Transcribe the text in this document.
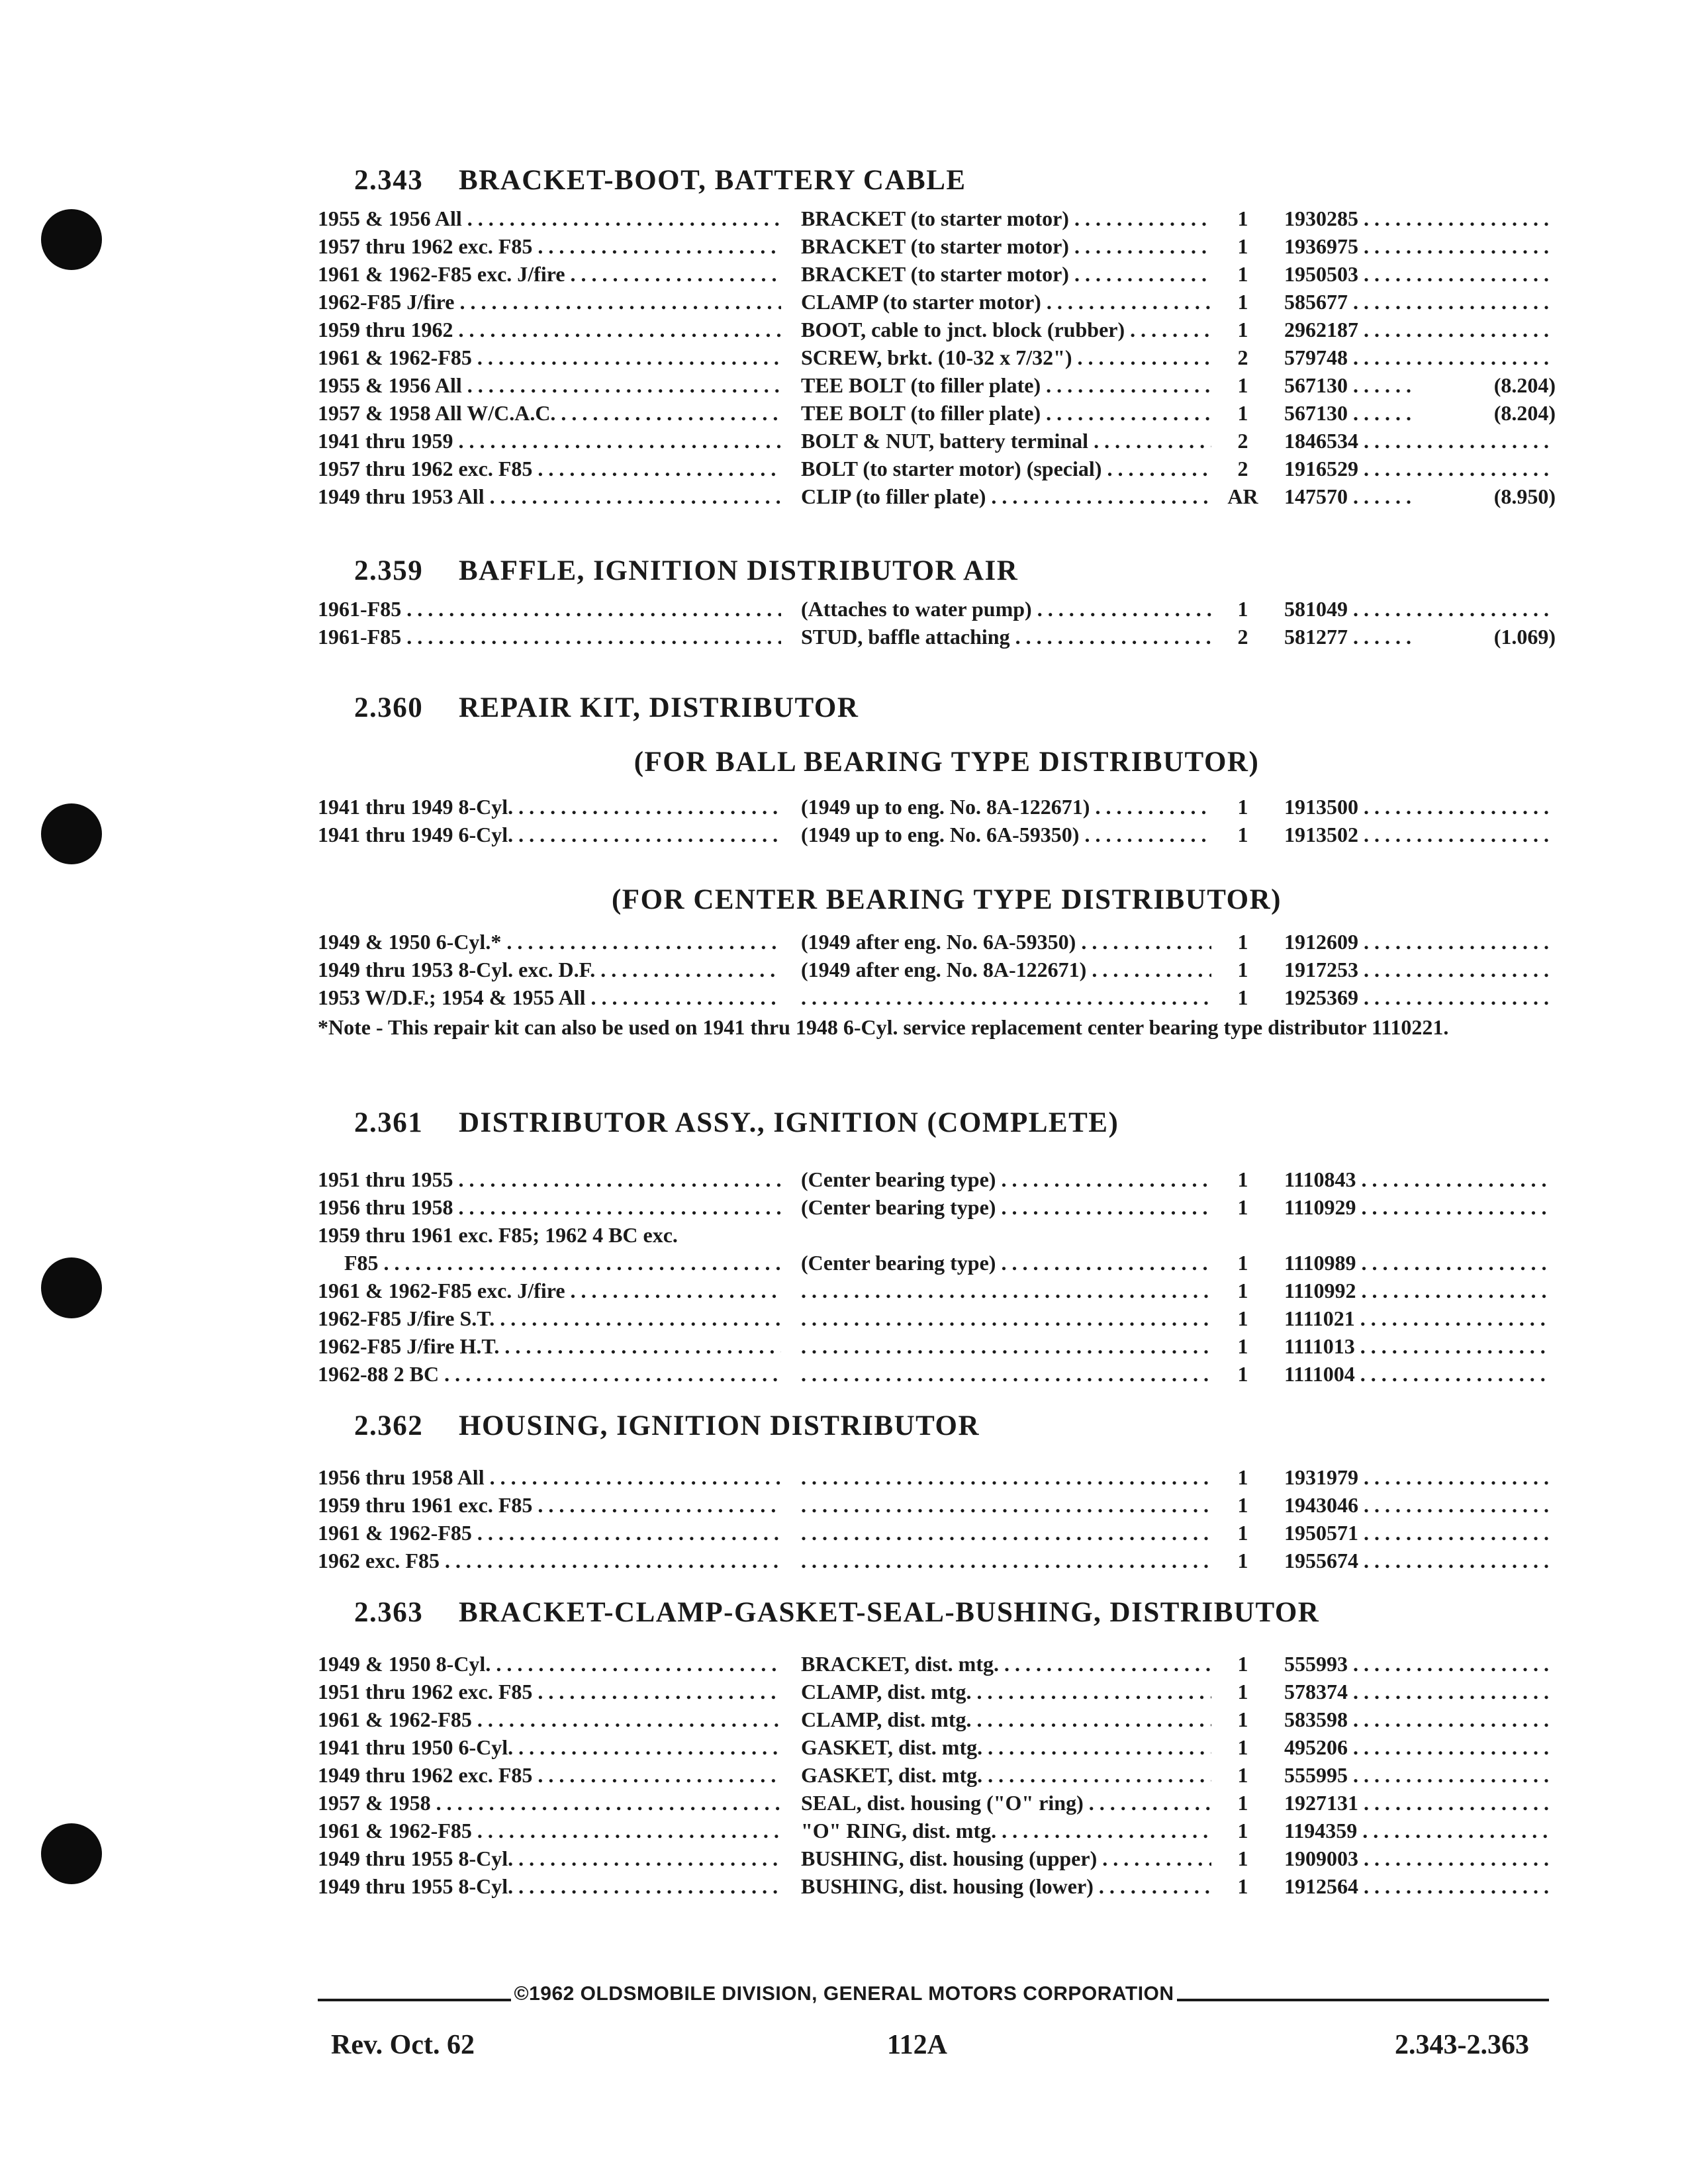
2.343 BRACKET-BOOT, BATTERY CABLE
1955 & 1956 All . . .	BRACKET (to starter motor) . . .	1	1930285 . . .
1957 thru 1962 exc. F85 . . .	BRACKET (to starter motor) . . .	1	1936975 . . .
1961 & 1962-F85 exc. J/fire . . .	BRACKET (to starter motor) . . .	1	1950503 . . .
1962-F85 J/fire . . .	CLAMP (to starter motor) . . .	1	585677 . . .
1959 thru 1962 . . .	BOOT, cable to jnct. block (rubber) . . .	1	2962187 . . .
1961 & 1962-F85 . . .	SCREW, brkt. (10-32 x 7/32") . . .	2	579748 . . .
1955 & 1956 All . . .	TEE BOLT (to filler plate) . . .	1	567130 . . .	(8.204)
1957 & 1958 All W/C.A.C. . . .	TEE BOLT (to filler plate) . . .	1	567130 . . .	(8.204)
1941 thru 1959 . . .	BOLT & NUT, battery terminal . . .	2	1846534 . . .
1957 thru 1962 exc. F85 . . .	BOLT (to starter motor) (special) . . .	2	1916529 . . .
1949 thru 1953 All . . .	CLIP (to filler plate) . . .	AR	147570 . . .	(8.950)
2.359 BAFFLE, IGNITION DISTRIBUTOR AIR
1961-F85 . . .	(Attaches to water pump) . . .	1	581049 . . .
1961-F85 . . .	STUD, baffle attaching . . .	2	581277 . . .	(1.069)
2.360 REPAIR KIT, DISTRIBUTOR
(FOR BALL BEARING TYPE DISTRIBUTOR)
1941 thru 1949 8-Cyl. . . .	(1949 up to eng. No. 8A-122671) . . .	1	1913500 . . .
1941 thru 1949 6-Cyl. . . .	(1949 up to eng. No. 6A-59350) . . .	1	1913502 . . .
(FOR CENTER BEARING TYPE DISTRIBUTOR)
1949 & 1950 6-Cyl.* . . .	(1949 after eng. No. 6A-59350) . . .	1	1912609 . . .
1949 thru 1953 8-Cyl. exc. D.F. . . .	(1949 after eng. No. 8A-122671) . . .	1	1917253 . . .
1953 W/D.F.; 1954 & 1955 All . . . . . .	1	1925369 . . .
*Note - This repair kit can also be used on 1941 thru 1948 6-Cyl. service replacement center bearing type distributor 1110221.
2.361 DISTRIBUTOR ASSY., IGNITION (COMPLETE)
1951 thru 1955 . . .	(Center bearing type) . . .	1	1110843 . . .
1956 thru 1958 . . .	(Center bearing type) . . .	1	1110929 . . .
1959 thru 1961 exc. F85; 1962 4 BC exc.
F85 . . .	(Center bearing type) . . .	1	1110989 . . .
1961 & 1962-F85 exc. J/fire . . . . . .	1	1110992 . . .
1962-F85 J/fire S.T. . . . . . .	1	1111021 . . .
1962-F85 J/fire H.T. . . . . . .	1	1111013 . . .
1962-88 2 BC . . . . . .	1	1111004 . . .
2.362 HOUSING, IGNITION DISTRIBUTOR
1956 thru 1958 All . . . . . .	1	1931979 . . .
1959 thru 1961 exc. F85 . . . . . .	1	1943046 . . .
1961 & 1962-F85 . . . . . .	1	1950571 . . .
1962 exc. F85 . . . . . .	1	1955674 . . .
2.363 BRACKET-CLAMP-GASKET-SEAL-BUSHING, DISTRIBUTOR
1949 & 1950 8-Cyl. . . .	BRACKET, dist. mtg. . . .	1	555993 . . .
1951 thru 1962 exc. F85 . . .	CLAMP, dist. mtg. . . .	1	578374 . . .
1961 & 1962-F85 . . .	CLAMP, dist. mtg. . . .	1	583598 . . .
1941 thru 1950 6-Cyl. . . .	GASKET, dist. mtg. . . .	1	495206 . . .
1949 thru 1962 exc. F85 . . .	GASKET, dist. mtg. . . .	1	555995 . . .
1957 & 1958 . . .	SEAL, dist. housing ("O" ring) . . .	1	1927131 . . .
1961 & 1962-F85 . . .	"O" RING, dist. mtg. . . .	1	1194359 . . .
1949 thru 1955 8-Cyl. . . .	BUSHING, dist. housing (upper) . . .	1	1909003 . . .
1949 thru 1955 8-Cyl. . . .	BUSHING, dist. housing (lower) . . .	1	1912564 . . .
©1962 OLDSMOBILE DIVISION, GENERAL MOTORS CORPORATION
Rev. Oct. 62	112A	2.343-2.363
